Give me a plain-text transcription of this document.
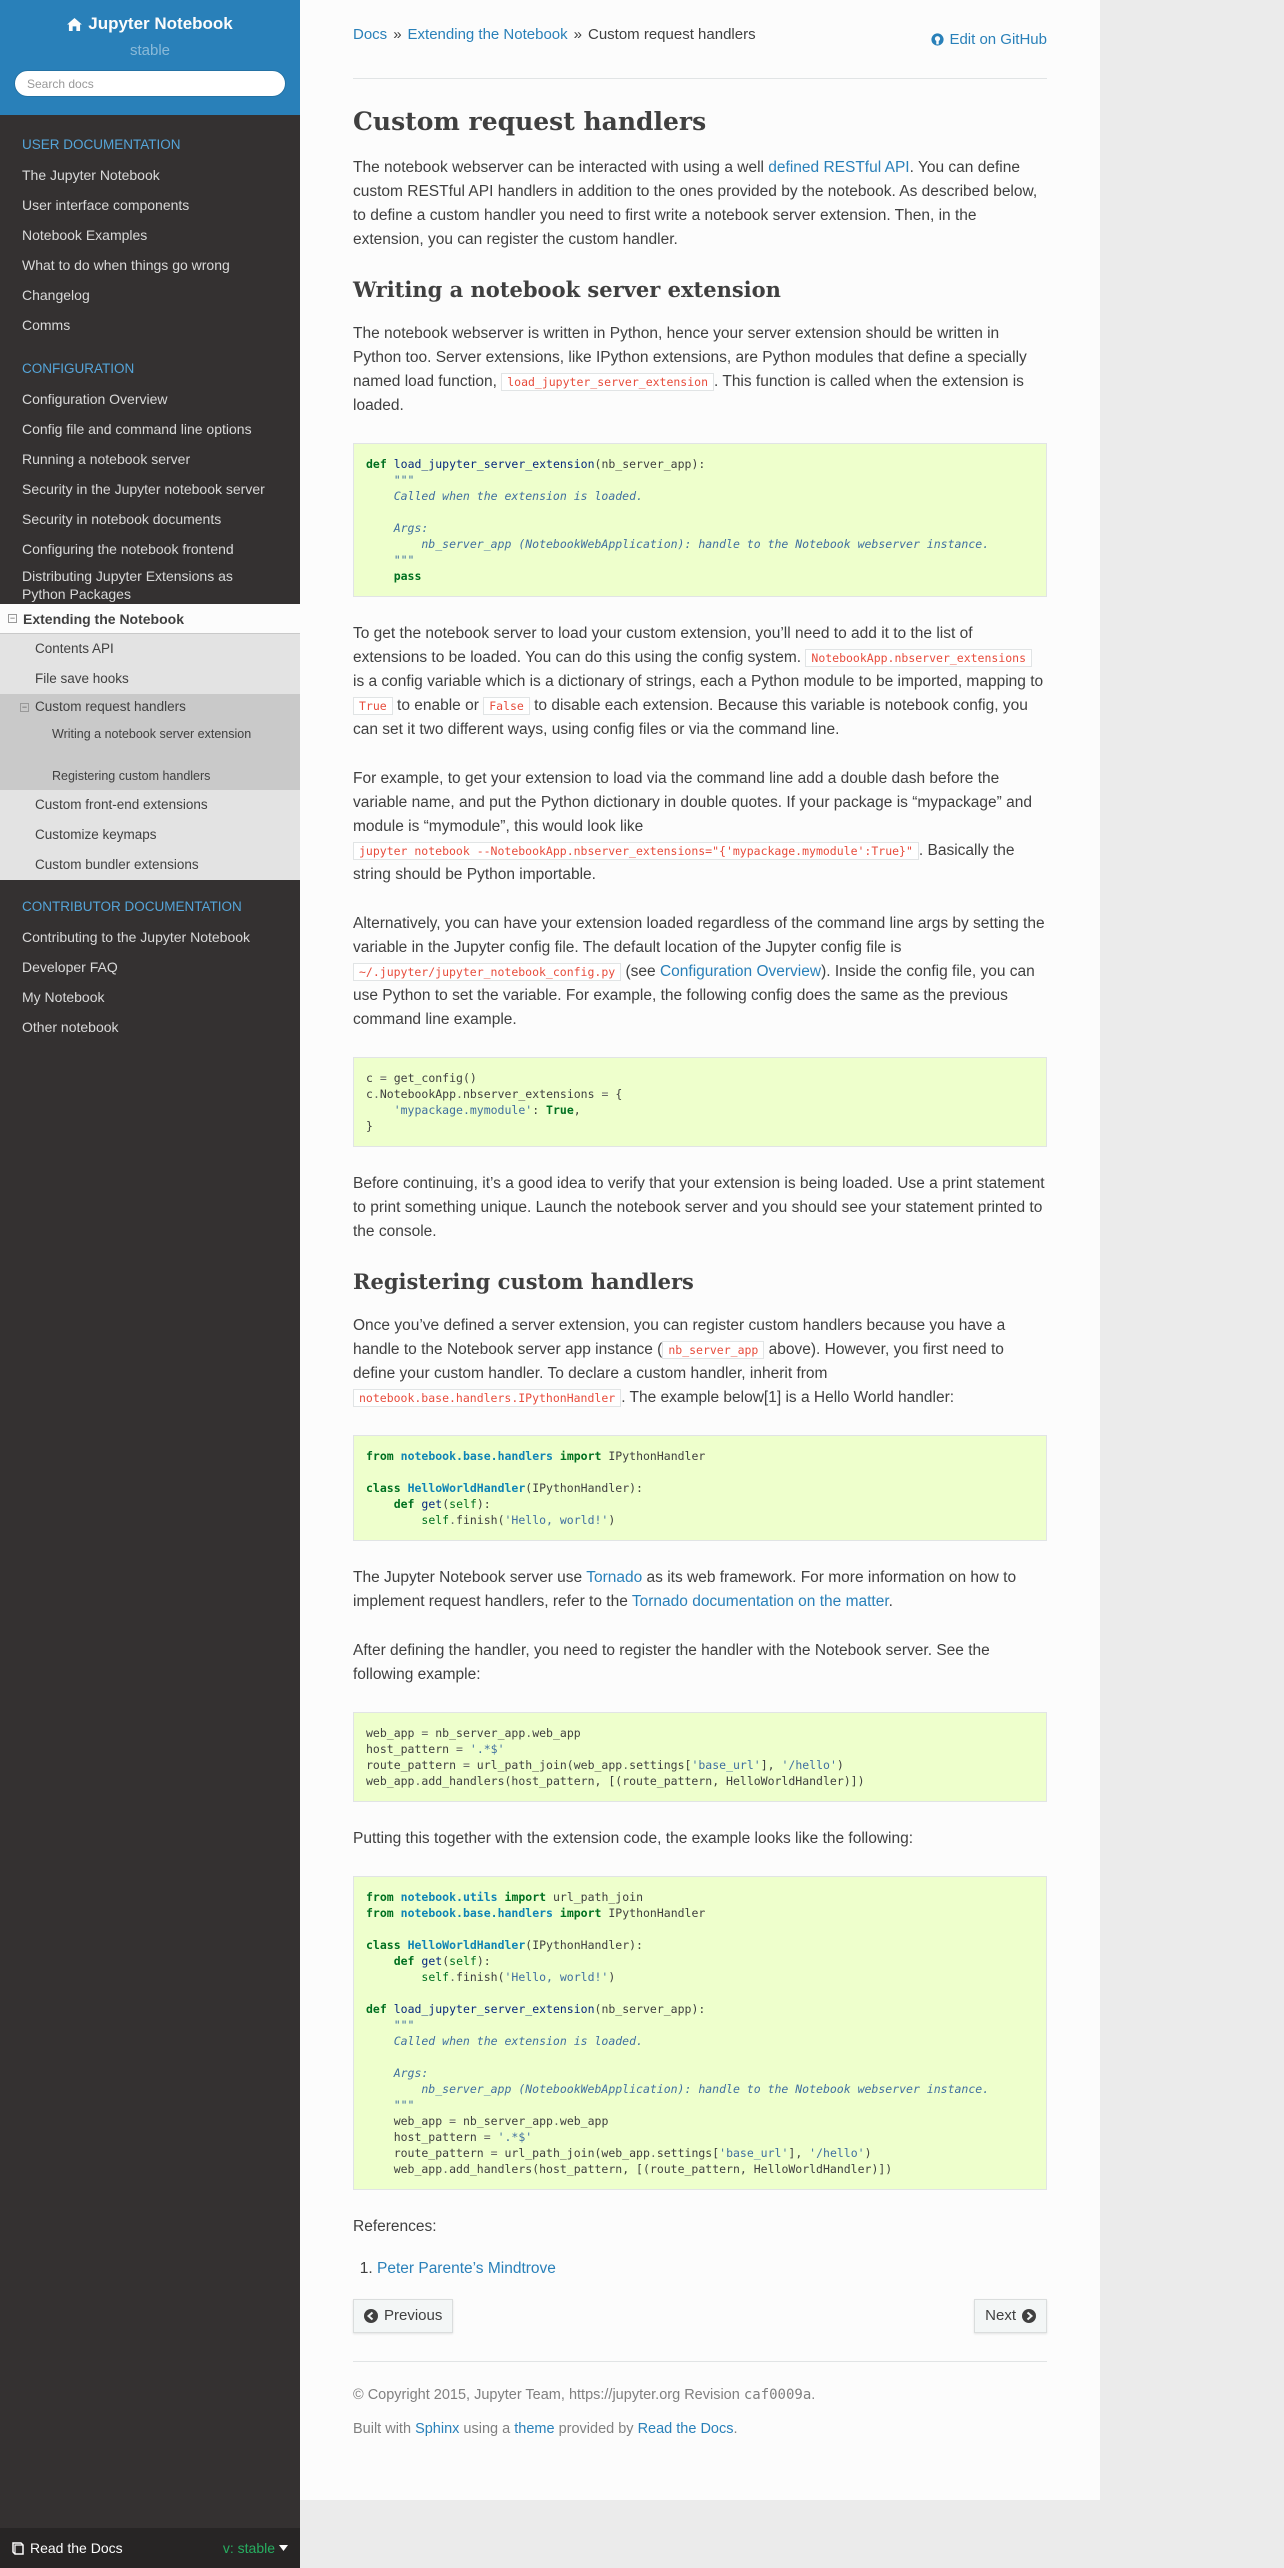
Jupyter Notebook
stable
Search docs
USER DOCUMENTATION
The Jupyter Notebook
User interface components
Notebook Examples
What to do when things go wrong
Changelog
Comms
CONFIGURATION
Configuration Overview
Config file and command line options
Running a notebook server
Security in the Jupyter notebook server
Security in notebook documents
Configuring the notebook frontend
Distributing Jupyter Extensions as Python Packages
− Extending the Notebook
Contents API
File save hooks
− Custom request handlers
Writing a notebook server extension
Registering custom handlers
Custom front-end extensions
Customize keymaps
Custom bundler extensions
CONTRIBUTOR DOCUMENTATION
Contributing to the Jupyter Notebook
Developer FAQ
My Notebook
Other notebook
Read the Docs	v: stable
Docs » Extending the Notebook » Custom request handlers	Edit on GitHub
Custom request handlers

The notebook webserver can be interacted with using a well defined RESTful API. You can define custom RESTful API handlers in addition to the ones provided by the notebook. As described below, to define a custom handler you need to first write a notebook server extension. Then, in the extension, you can register the custom handler.

Writing a notebook server extension

The notebook webserver is written in Python, hence your server extension should be written in Python too. Server extensions, like IPython extensions, are Python modules that define a specially named load function, load_jupyter_server_extension . This function is called when the extension is loaded.

def load_jupyter_server_extension(nb_server_app):
"""
Called when the extension is loaded.

Args:
nb_server_app (NotebookWebApplication): handle to the Notebook webserver instance.
"""
pass

To get the notebook server to load your custom extension, you’ll need to add it to the list of extensions to be loaded. You can do this using the config system. NotebookApp.nbserver_extensions is a config variable which is a dictionary of strings, each a Python module to be imported, mapping to True to enable or False to disable each extension. Because this variable is notebook config, you can set it two different ways, using config files or via the command line.

For example, to get your extension to load via the command line add a double dash before the variable name, and put the Python dictionary in double quotes. If your package is “mypackage” and module is “mymodule”, this would look like jupyter notebook --NotebookApp.nbserver_extensions="{'mypackage.mymodule':True}" . Basically the string should be Python importable.

Alternatively, you can have your extension loaded regardless of the command line args by setting the variable in the Jupyter config file. The default location of the Jupyter config file is ~/.jupyter/jupyter_notebook_config.py (see Configuration Overview). Inside the config file, you can use Python to set the variable. For example, the following config does the same as the previous command line example.

c = get_config()
c.NotebookApp.nbserver_extensions = {
'mypackage.mymodule': True,
}

Before continuing, it’s a good idea to verify that your extension is being loaded. Use a print statement to print something unique. Launch the notebook server and you should see your statement printed to the console.

Registering custom handlers

Once you’ve defined a server extension, you can register custom handlers because you have a handle to the Notebook server app instance ( nb_server_app above). However, you first need to define your custom handler. To declare a custom handler, inherit from notebook.base.handlers.IPythonHandler . The example below[1] is a Hello World handler:

from notebook.base.handlers import IPythonHandler

class HelloWorldHandler(IPythonHandler):
def get(self):
self.finish('Hello, world!')

The Jupyter Notebook server use Tornado as its web framework. For more information on how to implement request handlers, refer to the Tornado documentation on the matter.

After defining the handler, you need to register the handler with the Notebook server. See the following example:

web_app = nb_server_app.web_app
host_pattern = '.*$'
route_pattern = url_path_join(web_app.settings['base_url'], '/hello')
web_app.add_handlers(host_pattern, [(route_pattern, HelloWorldHandler)])

Putting this together with the extension code, the example looks like the following:

from notebook.utils import url_path_join
from notebook.base.handlers import IPythonHandler

class HelloWorldHandler(IPythonHandler):
def get(self):
self.finish('Hello, world!')

def load_jupyter_server_extension(nb_server_app):
"""
Called when the extension is loaded.

Args:
nb_server_app (NotebookWebApplication): handle to the Notebook webserver instance.
"""
web_app = nb_server_app.web_app
host_pattern = '.*$'
route_pattern = url_path_join(web_app.settings['base_url'], '/hello')
web_app.add_handlers(host_pattern, [(route_pattern, HelloWorldHandler)])

References:

1. Peter Parente’s Mindtrove
Previous	Next

© Copyright 2015, Jupyter Team, https://jupyter.org Revision caf0009a.

Built with Sphinx using a theme provided by Read the Docs.
